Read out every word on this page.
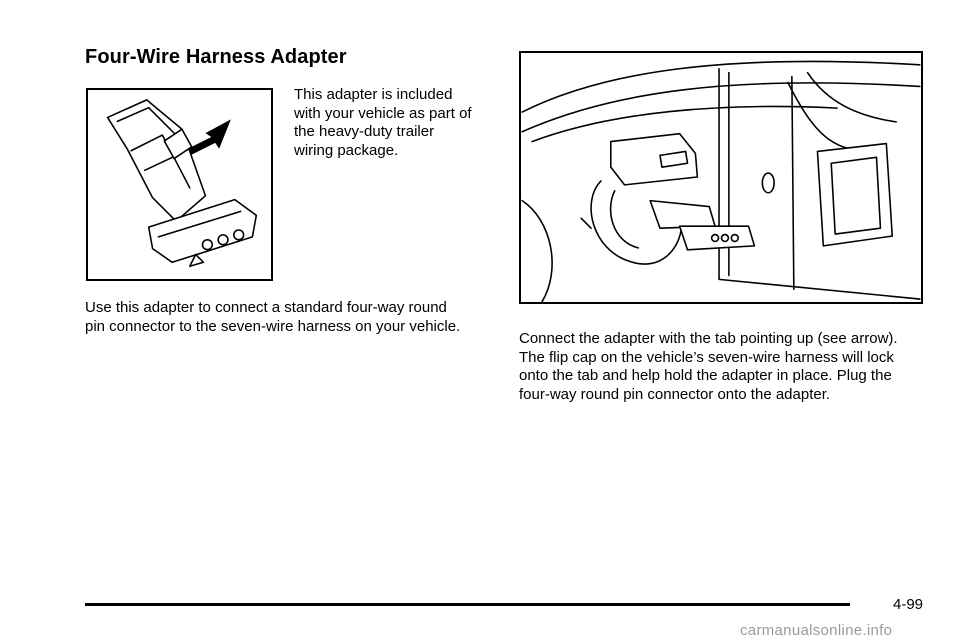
Four-Wire Harness Adapter

This adapter is included
with your vehicle as part of
the heavy-duty trailer
wiring package.

Use this adapter to connect a standard four-way round
pin connector to the seven-wire harness on your vehicle.

Connect the adapter with the tab pointing up (see arrow).
The flip cap on the vehicle’s seven-wire harness will lock
onto the tab and help hold the adapter in place. Plug the
four-way round pin connector onto the adapter.

4-99
carmanualsonline.info
